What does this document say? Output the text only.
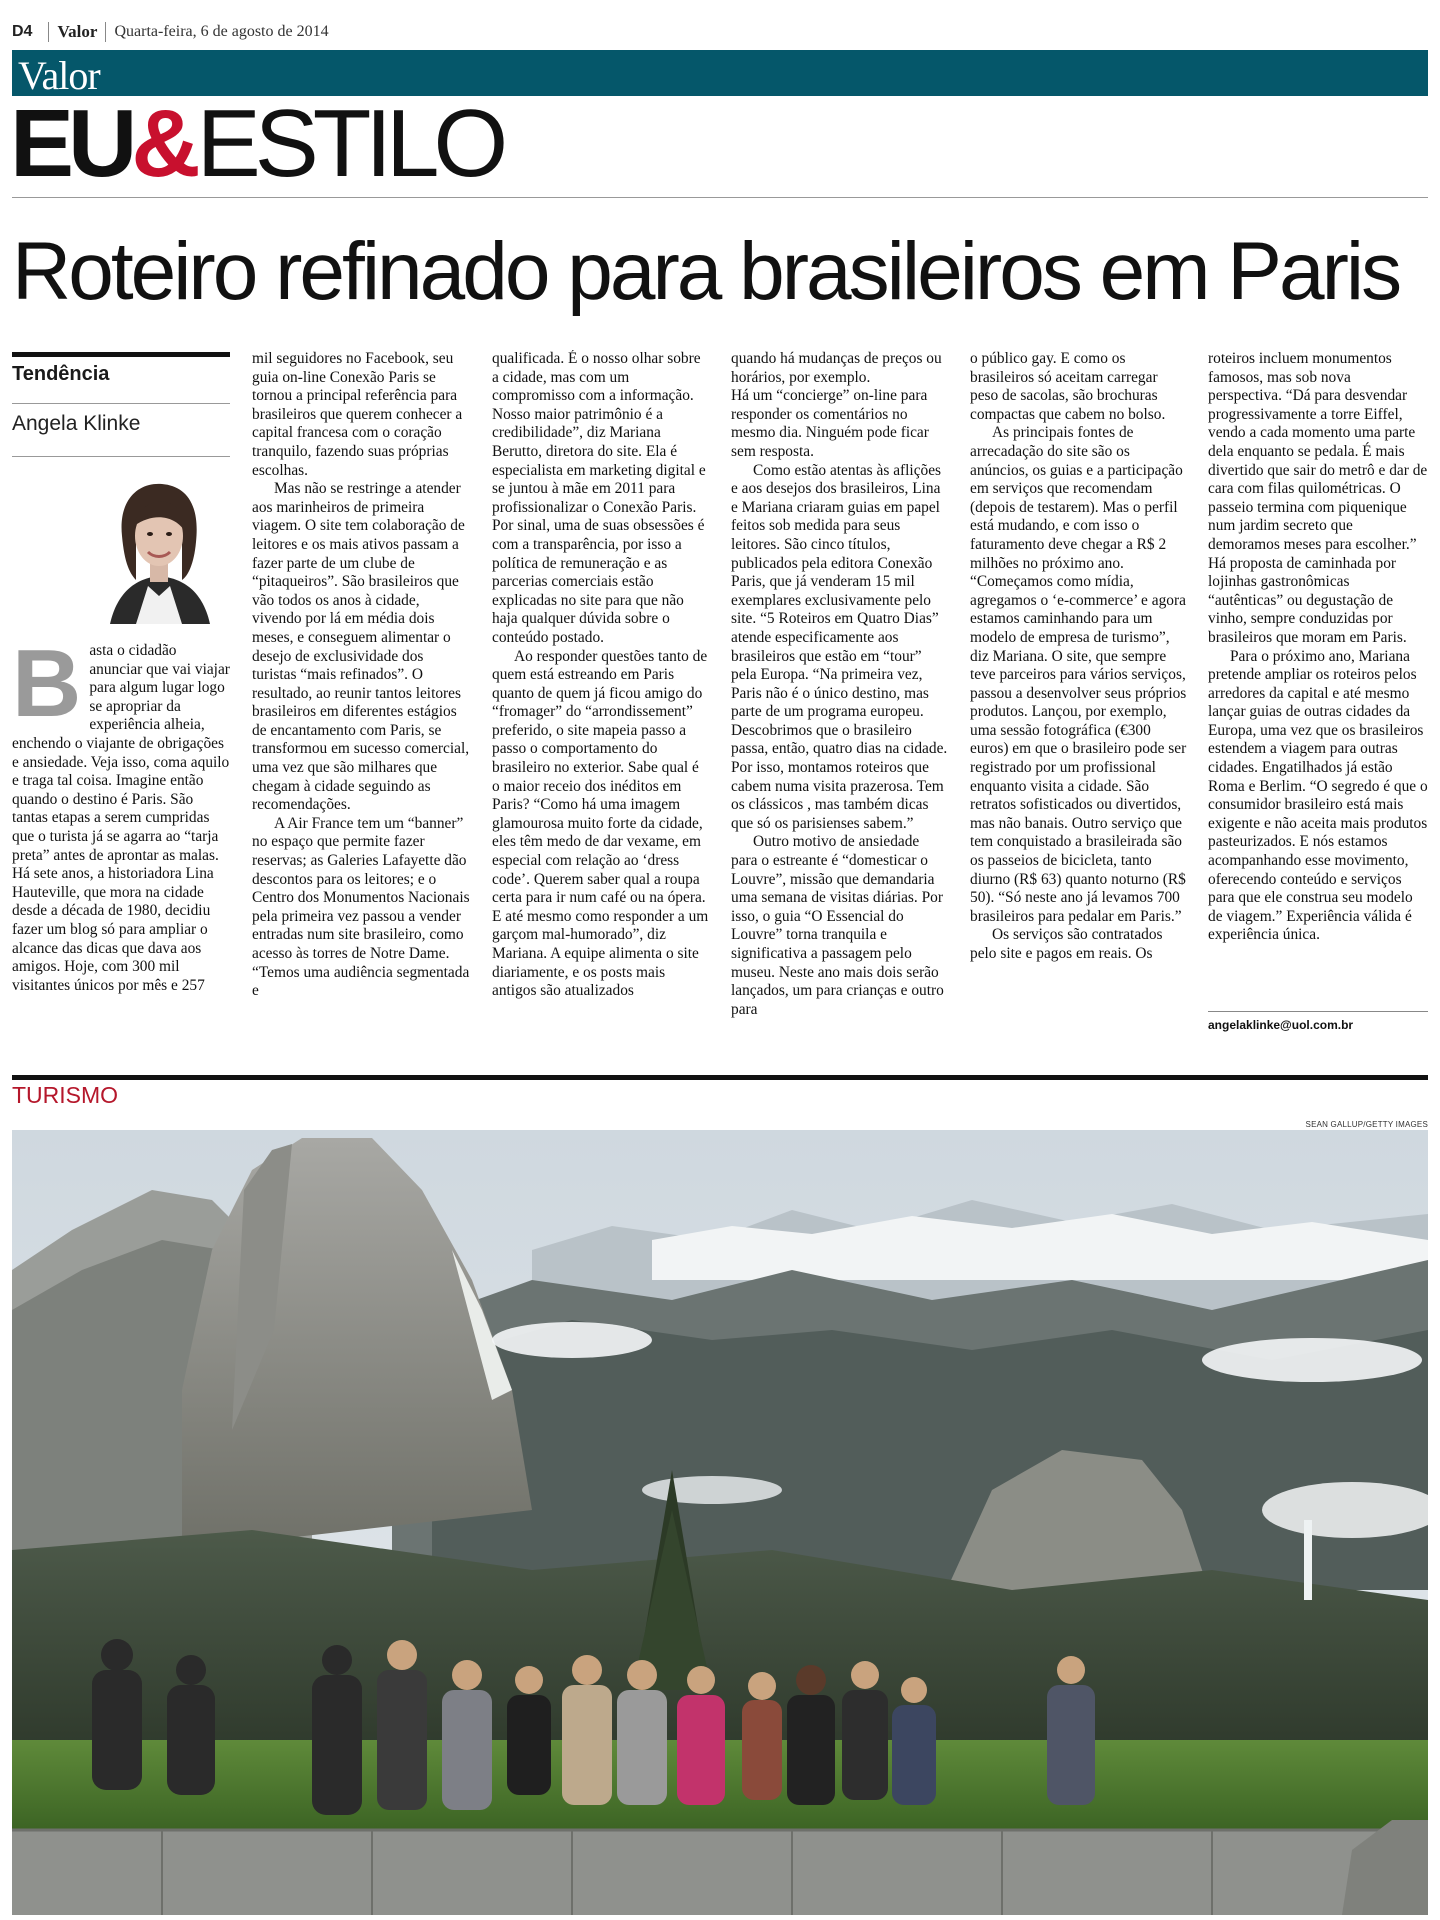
D4	Valor Quarta-feira, 6 de agosto de 2014
Valor
EU&ESTILO
Roteiro refinado para brasileiros em Paris
Tendência
Angela Klinke
B asta o cidadão anunciar que vai viajar para algum lugar logo se apropriar da experiência alheia, enchendo o viajante de obrigações e ansiedade. Veja isso, coma aquilo e traga tal coisa. Imagine então quando o destino é Paris. São tantas etapas a serem cumpridas que o turista já se agarra ao “tarja preta” antes de aprontar as malas. Há sete anos, a historiadora Lina Hauteville, que mora na cidade desde a década de 1980, decidiu fazer um blog só para ampliar o alcance das dicas que dava aos amigos. Hoje, com 300 mil visitantes únicos por mês e 257

mil seguidores no Facebook, seu guia on-line Conexão Paris se tornou a principal referência para brasileiros que querem conhecer a capital francesa com o coração tranquilo, fazendo suas próprias escolhas.

Mas não se restringe a atender aos marinheiros de primeira viagem. O site tem colaboração de leitores e os mais ativos passam a fazer parte de um clube de “pitaqueiros”. São brasileiros que vão todos os anos à cidade, vivendo por lá em média dois meses, e conseguem alimentar o desejo de exclusividade dos turistas “mais refinados”. O resultado, ao reunir tantos leitores brasileiros em diferentes estágios de encantamento com Paris, se transformou em sucesso comercial, uma vez que são milhares que chegam à cidade seguindo as recomendações.

A Air France tem um “banner” no espaço que permite fazer reservas; as Galeries Lafayette dão descontos para os leitores; e o Centro dos Monumentos Nacionais pela primeira vez passou a vender entradas num site brasileiro, como acesso às torres de Notre Dame. “Temos uma audiência segmentada e

qualificada. É o nosso olhar sobre a cidade, mas com um compromisso com a informação. Nosso maior patrimônio é a credibilidade”, diz Mariana Berutto, diretora do site. Ela é especialista em marketing digital e se juntou à mãe em 2011 para profissionalizar o Conexão Paris. Por sinal, uma de suas obsessões é com a transparência, por isso a política de remuneração e as parcerias comerciais estão explicadas no site para que não haja qualquer dúvida sobre o conteúdo postado.

Ao responder questões tanto de quem está estreando em Paris quanto de quem já ficou amigo do “fromager” do “arrondissement” preferido, o site mapeia passo a passo o comportamento do brasileiro no exterior. Sabe qual é o maior receio dos inéditos em Paris? “Como há uma imagem glamourosa muito forte da cidade, eles têm medo de dar vexame, em especial com relação ao ‘dress code’. Querem saber qual a roupa certa para ir num café ou na ópera.

E até mesmo como responder a um garçom mal-humorado”, diz Mariana. A equipe alimenta o site diariamente, e os posts mais antigos são atualizados

quando há mudanças de preços ou horários, por exemplo.

Há um “concierge” on-line para responder os comentários no mesmo dia. Ninguém pode ficar sem resposta.

Como estão atentas às aflições e aos desejos dos brasileiros, Lina e Mariana criaram guias em papel feitos sob medida para seus leitores. São cinco títulos, publicados pela editora Conexão Paris, que já venderam 15 mil exemplares exclusivamente pelo site. “5 Roteiros em Quatro Dias” atende especificamente aos brasileiros que estão em “tour” pela Europa. “Na primeira vez, Paris não é o único destino, mas parte de um programa europeu. Descobrimos que o brasileiro passa, então, quatro dias na cidade. Por isso, montamos roteiros que cabem numa visita prazerosa. Tem os clássicos , mas também dicas que só os parisienses sabem.”

Outro motivo de ansiedade para o estreante é “domesticar o Louvre”, missão que demandaria uma semana de visitas diárias. Por isso, o guia “O Essencial do Louvre” torna tranquila e significativa a passagem pelo museu. Neste ano mais dois serão lançados, um para crianças e outro para

o público gay. E como os brasileiros só aceitam carregar peso de sacolas, são brochuras compactas que cabem no bolso.

As principais fontes de arrecadação do site são os anúncios, os guias e a participação em serviços que recomendam (depois de testarem). Mas o perfil está mudando, e com isso o faturamento deve chegar a R$ 2 milhões no próximo ano. “Começamos como mídia, agregamos o ‘e-commerce’ e agora estamos caminhando para um modelo de empresa de turismo”, diz Mariana. O site, que sempre teve parceiros para vários serviços, passou a desenvolver seus próprios produtos. Lançou, por exemplo, uma sessão fotográfica (€300 euros) em que o brasileiro pode ser registrado por um profissional enquanto visita a cidade. São retratos sofisticados ou divertidos, mas não banais. Outro serviço que tem conquistado a brasileirada são os passeios de bicicleta, tanto diurno (R$ 63) quanto noturno (R$ 50). “Só neste ano já levamos 700 brasileiros para pedalar em Paris.”

Os serviços são contratados pelo site e pagos em reais. Os

roteiros incluem monumentos famosos, mas sob nova perspectiva. “Dá para desvendar progressivamente a torre Eiffel, vendo a cada momento uma parte dela enquanto se pedala. É mais divertido que sair do metrô e dar de cara com filas quilométricas. O passeio termina com piquenique num jardim secreto que demoramos meses para escolher.” Há proposta de caminhada por lojinhas gastronômicas “autênticas” ou degustação de vinho, sempre conduzidas por brasileiros que moram em Paris.

Para o próximo ano, Mariana pretende ampliar os roteiros pelos arredores da capital e até mesmo lançar guias de outras cidades da Europa, uma vez que os brasileiros estendem a viagem para outras cidades. Engatilhados já estão Roma e Berlim. “O segredo é que o consumidor brasileiro está mais exigente e não aceita mais produtos pasteurizados. E nós estamos acompanhando esse movimento, oferecendo conteúdo e serviços para que ele construa seu modelo de viagem.” Experiência válida é experiência única.

angelaklinke@uol.com.br
TURISMO
SEAN GALLUP/GETTY IMAGES
